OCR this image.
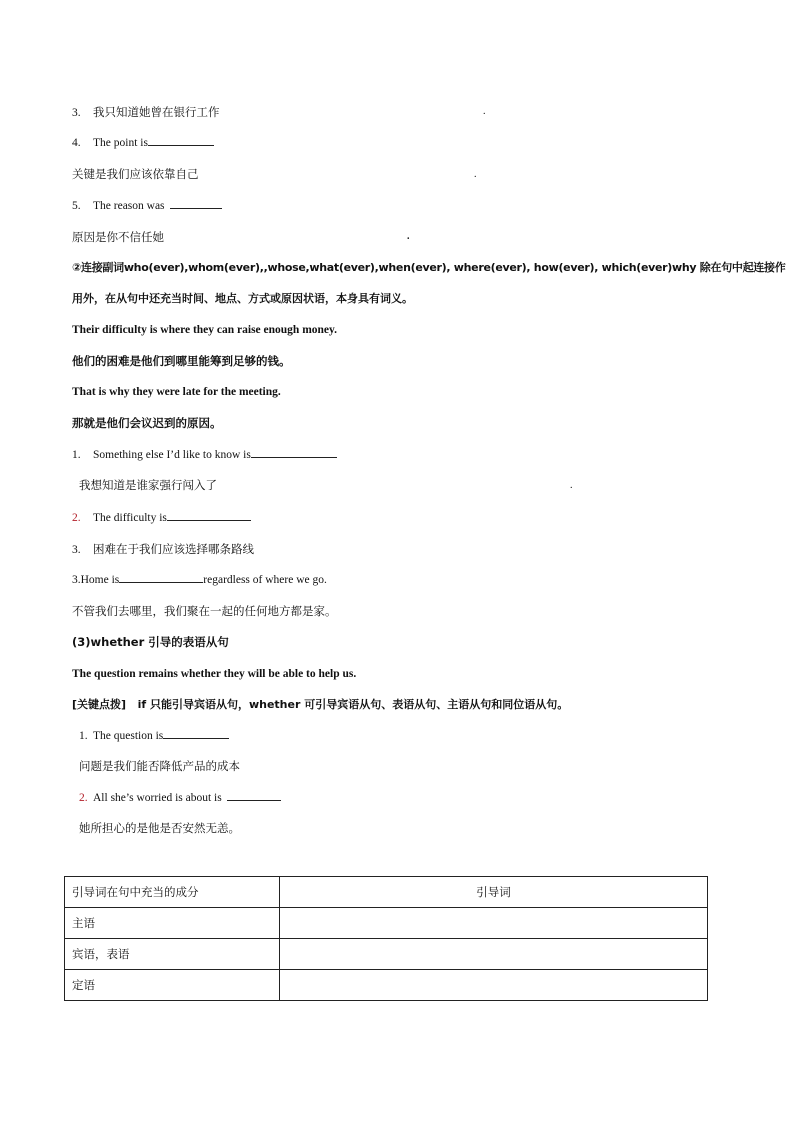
3. 我只知道她曾在银行工作	.
4. The point is
关键是我们应该依靠自己	.
5. The reason was
原因是你不信任她	.
②连接副词who(ever),whom(ever),,whose,what(ever),when(ever), where(ever), how(ever), which(ever)why 除在句中起连接作
用外，在从句中还充当时间、地点、方式或原因状语，本身具有词义。
Their difficulty is where they can raise enough money.
他们的困难是他们到哪里能筹到足够的钱。
That is why they were late for the meeting.
那就是他们会议迟到的原因。
1. Something else I’d like to know is
我想知道是谁家强行闯入了	.
2. The difficulty is
3. 困难在于我们应该选择哪条路线
3.Home is	regardless of where we go.
不管我们去哪里，我们聚在一起的任何地方都是家。
(3)whether 引导的表语从句
The question remains whether they will be able to help us.
[关键点拨] if 只能引导宾语从句，whether 可引导宾语从句、表语从句、主语从句和同位语从句。
1. The question is
问题是我们能否降低产品的成本
2. All she’s worried is about is
她所担心的是他是否安然无恙。
引导词在句中充当的成分	引导词
主语	
宾语，表语	
定语	
